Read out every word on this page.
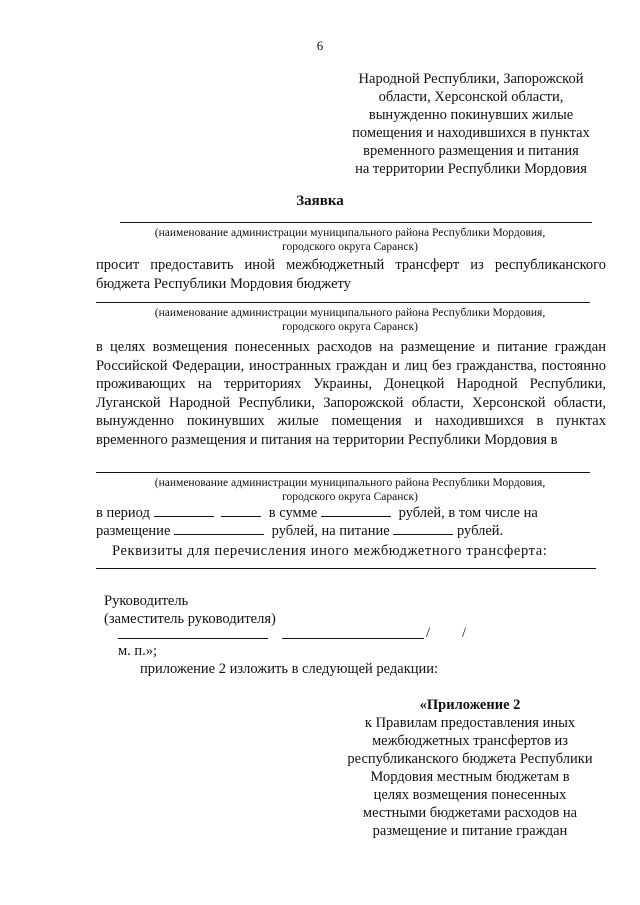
6
Народной Республики, Запорожской
области, Херсонской области,
вынужденно покинувших жилые
помещения и находившихся в пунктах
временного размещения и питания
на территории Республики Мордовия
Заявка
(наименование администрации муниципального района Республики Мордовия,
городского округа Саранск)
просит предоставить иной межбюджетный трансферт из республиканского бюджета Республики Мордовия бюджету
(наименование администрации муниципального района Республики Мордовия,
городского округа Саранск)
в целях возмещения понесенных расходов на размещение и питание граждан Российской Федерации, иностранных граждан и лиц без гражданства, постоянно проживающих на территориях Украины, Донецкой Народной Республики, Луганской Народной Республики, Запорожской области, Херсонской области, вынужденно покинувших жилые помещения и находившихся в пунктах временного размещения и питания на территории Республики Мордовия в
(наименование администрации муниципального района Республики Мордовия,
городского округа Саранск)
в период	в сумме	рублей, в том числе на
размещение	рублей, на питание	рублей.
Реквизиты для перечисления иного межбюджетного трансферта:
Руководитель
(заместитель руководителя)
/ /
м. п.»;
приложение 2 изложить в следующей редакции:
«Приложение 2
к Правилам предоставления иных
межбюджетных трансфертов из
республиканского бюджета Республики
Мордовия местным бюджетам в
целях возмещения понесенных
местными бюджетами расходов на
размещение и питание граждан
